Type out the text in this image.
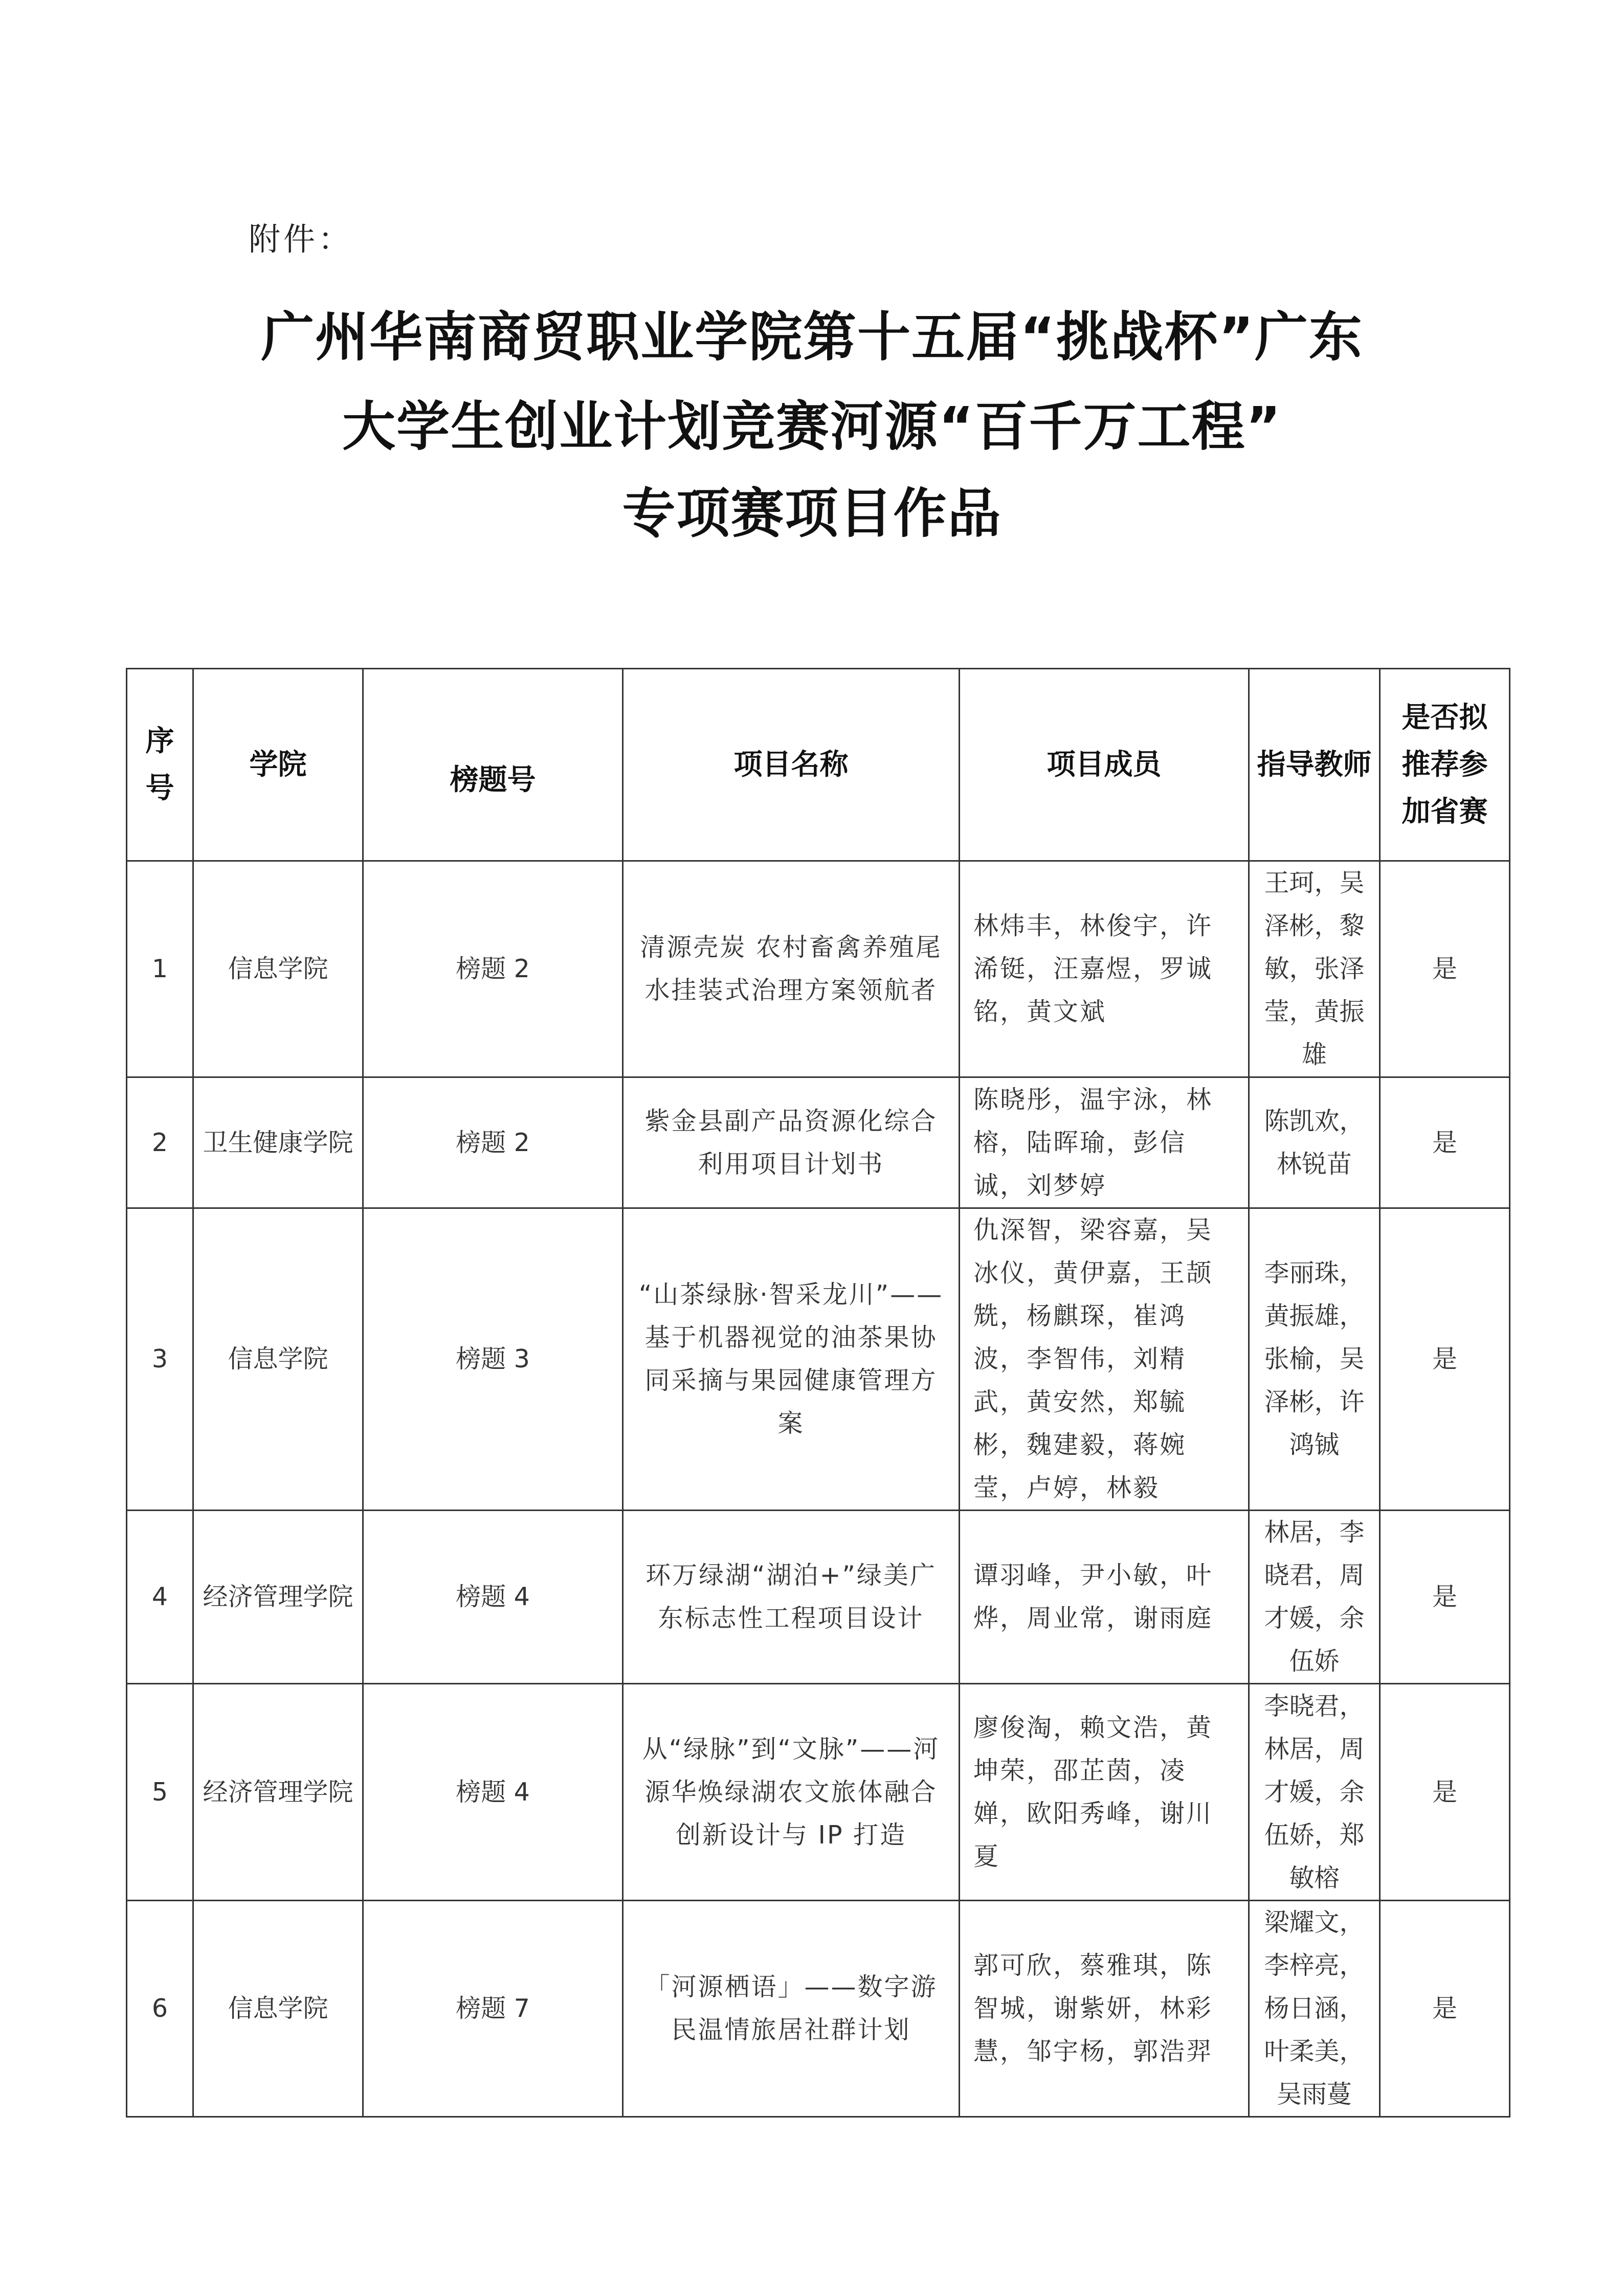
附件：
广州华南商贸职业学院第十五届“挑战杯”广东
大学生创业计划竞赛河源“百千万工程”
专项赛项目作品
序号	学院	榜题号	项目名称	项目成员	指导教师	是否拟推荐参加省赛
1	信息学院	榜题 2	清源壳炭 农村畜禽养殖尾水挂装式治理方案领航者	林炜丰，林俊宇，许浠铤，汪嘉煜，罗诚铭，黄文斌	王珂，吴泽彬，黎敏，张泽莹，黄振雄	是
2	卫生健康学院	榜题 2	紫金县副产品资源化综合利用项目计划书	陈晓彤，温宇泳，林榕，陆晖瑜，彭信诚，刘梦婷	陈凯欢，林锐苗	是
3	信息学院	榜题 3	“山茶绿脉·智采龙川”—— 基于机器视觉的油茶果协同采摘与果园健康管理方案	仇深智，梁容嘉，吴冰仪，黄伊嘉，王颉兟，杨麒琛，崔鸿波，李智伟，刘精武，黄安然，郑毓彬，魏建毅，蒋婉莹，卢婷，林毅	李丽珠，黄振雄，张榆，吴泽彬，许鸿铖	是
4	经济管理学院	榜题 4	环万绿湖“湖泊+”绿美广东标志性工程项目设计	谭羽峰，尹小敏，叶烨，周业常，谢雨庭	林居，李晓君，周才媛，余伍娇	是
5	经济管理学院	榜题 4	从“绿脉”到“文脉”——河源华焕绿湖农文旅体融合创新设计与 IP 打造	廖俊淘，赖文浩，黄坤荣，邵芷茵，凌婵，欧阳秀峰，谢川夏	李晓君，林居，周才媛，余伍娇，郑敏榕	是
6	信息学院	榜题 7	「河源栖语」——数字游民温情旅居社群计划	郭可欣，蔡雅琪，陈智城，谢紫妍，林彩慧，邹宇杨，郭浩羿	梁耀文，李梓亮，杨日涵，叶柔美，吴雨蔓	是
